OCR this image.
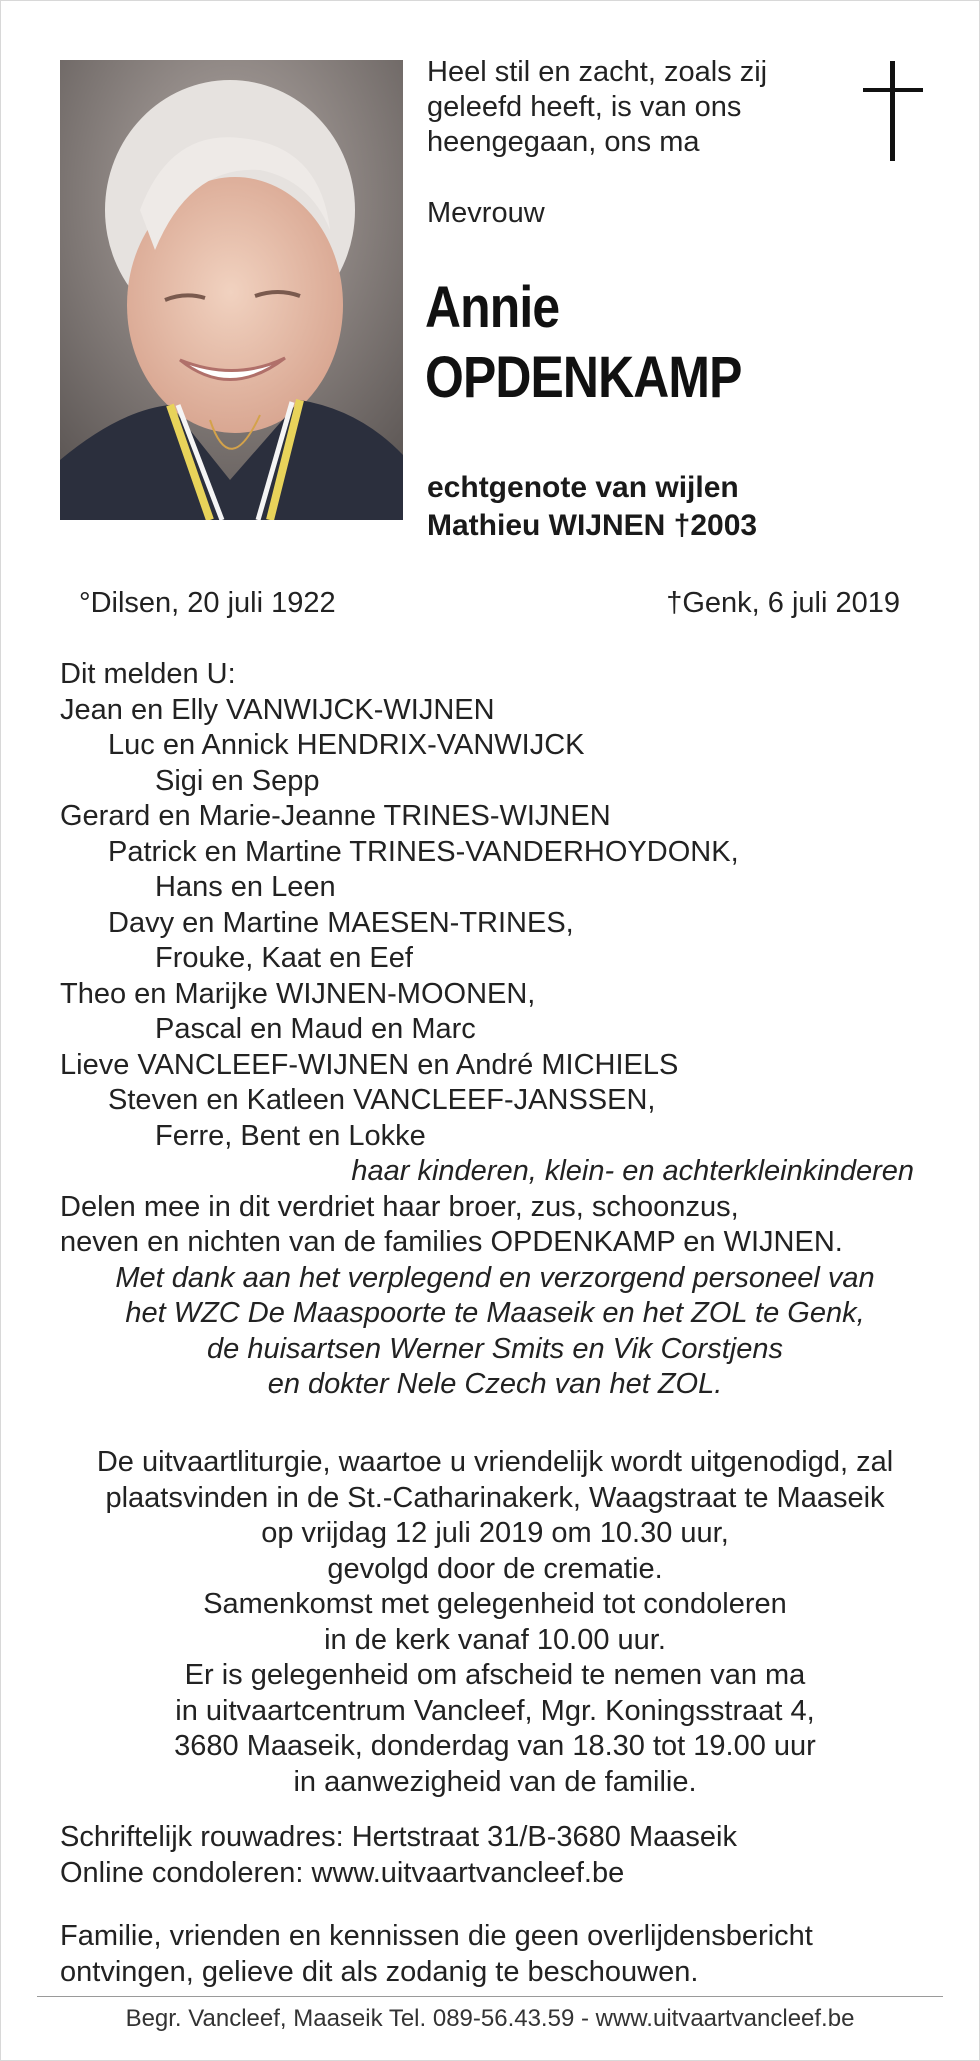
Heel stil en zacht, zoals zij
geleefd heeft, is van ons
heengegaan, ons ma
Mevrouw
Annie
OPDENKAMP
echtgenote van wijlen
Mathieu WIJNEN †2003
°Dilsen, 20 juli 1922	†Genk, 6 juli 2019
Dit melden U:
Jean en Elly VANWIJCK-WIJNEN
Luc en Annick HENDRIX-VANWIJCK
Sigi en Sepp
Gerard en Marie-Jeanne TRINES-WIJNEN
Patrick en Martine TRINES-VANDERHOYDONK,
Hans en Leen
Davy en Martine MAESEN-TRINES,
Frouke, Kaat en Eef
Theo en Marijke WIJNEN-MOONEN,
Pascal en Maud en Marc
Lieve VANCLEEF-WIJNEN en André MICHIELS
Steven en Katleen VANCLEEF-JANSSEN,
Ferre, Bent en Lokke
haar kinderen, klein- en achterkleinkinderen
Delen mee in dit verdriet haar broer, zus, schoonzus,
neven en nichten van de families OPDENKAMP en WIJNEN.
Met dank aan het verplegend en verzorgend personeel van
het WZC De Maaspoorte te Maaseik en het ZOL te Genk,
de huisartsen Werner Smits en Vik Corstjens
en dokter Nele Czech van het ZOL.
De uitvaartliturgie, waartoe u vriendelijk wordt uitgenodigd, zal
plaatsvinden in de St.-Catharinakerk, Waagstraat te Maaseik
op vrijdag 12 juli 2019 om 10.30 uur,
gevolgd door de crematie.
Samenkomst met gelegenheid tot condoleren
in de kerk vanaf 10.00 uur.
Er is gelegenheid om afscheid te nemen van ma
in uitvaartcentrum Vancleef, Mgr. Koningsstraat 4,
3680 Maaseik, donderdag van 18.30 tot 19.00 uur
in aanwezigheid van de familie.
Schriftelijk rouwadres: Hertstraat 31/B-3680 Maaseik
Online condoleren: www.uitvaartvancleef.be
Familie, vrienden en kennissen die geen overlijdensbericht
ontvingen, gelieve dit als zodanig te beschouwen.
Begr. Vancleef, Maaseik Tel. 089-56.43.59 - www.uitvaartvancleef.be
